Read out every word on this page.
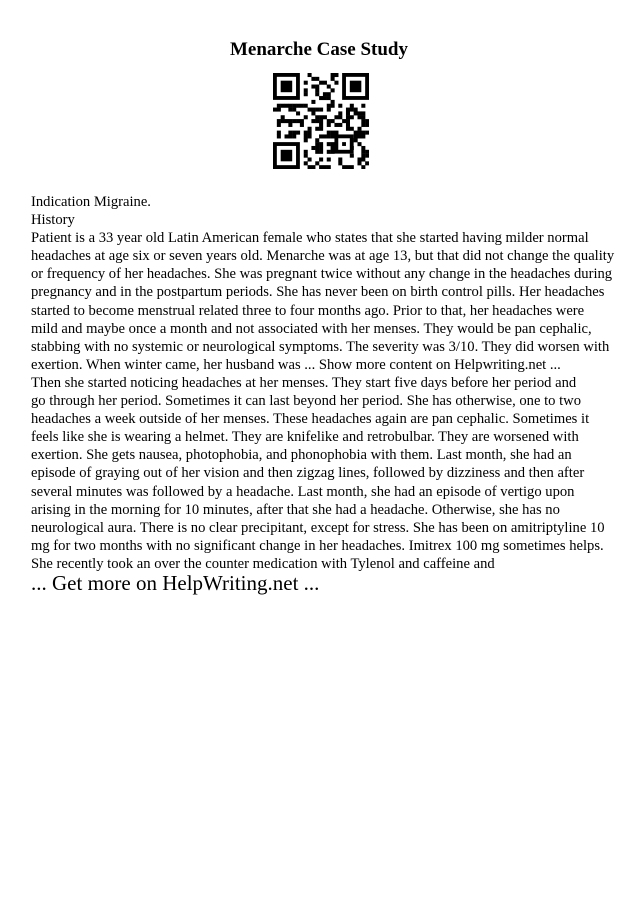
Menarche Case Study
Indication Migraine.
History
Patient is a 33 year old Latin American female who states that she started having milder normal
headaches at age six or seven years old. Menarche was at age 13, but that did not change the quality
or frequency of her headaches. She was pregnant twice without any change in the headaches during
pregnancy and in the postpartum periods. She has never been on birth control pills. Her headaches
started to become menstrual related three to four months ago. Prior to that, her headaches were
mild and maybe once a month and not associated with her menses. They would be pan cephalic,
stabbing with no systemic or neurological symptoms. The severity was 3/10. They did worsen with
exertion. When winter came, her husband was ... Show more content on Helpwriting.net ...
Then she started noticing headaches at her menses. They start five days before her period and
go through her period. Sometimes it can last beyond her period. She has otherwise, one to two
headaches a week outside of her menses. These headaches again are pan cephalic. Sometimes it
feels like she is wearing a helmet. They are knifelike and retrobulbar. They are worsened with
exertion. She gets nausea, photophobia, and phonophobia with them. Last month, she had an
episode of graying out of her vision and then zigzag lines, followed by dizziness and then after
several minutes was followed by a headache. Last month, she had an episode of vertigo upon
arising in the morning for 10 minutes, after that she had a headache. Otherwise, she has no
neurological aura. There is no clear precipitant, except for stress. She has been on amitriptyline 10
mg for two months with no significant change in her headaches. Imitrex 100 mg sometimes helps.
She recently took an over the counter medication with Tylenol and caffeine and
... Get more on HelpWriting.net ...
